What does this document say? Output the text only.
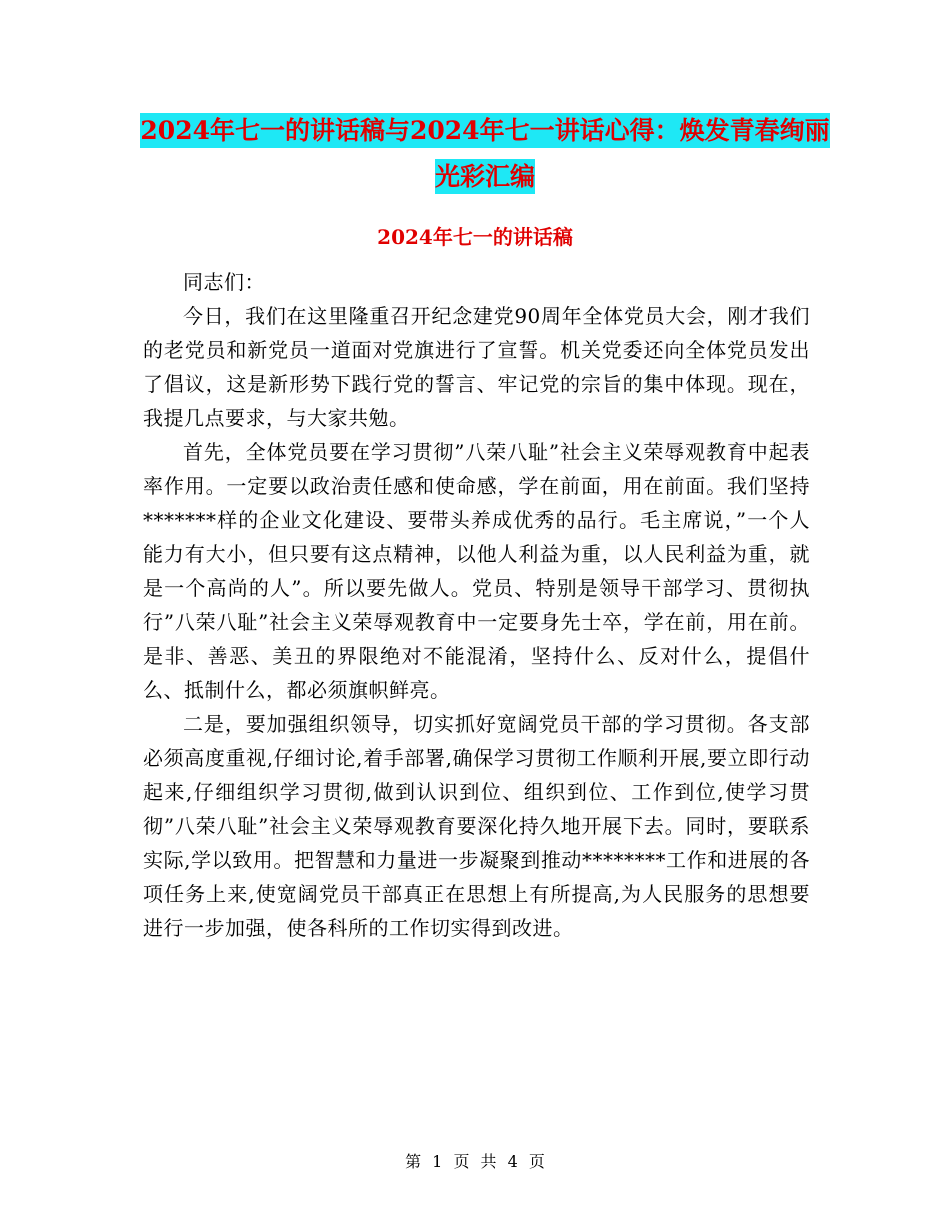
2024年七一的讲话稿与2024年七一讲话心得：焕发青春绚丽光彩汇编
2024年七一的讲话稿

同志们：

今日，我们在这里隆重召开纪念建党90周年全体党员大会，刚才我们的老党员和新党员一道面对党旗进行了宣誓。机关党委还向全体党员发出了倡议，这是新形势下践行党的誓言、牢记党的宗旨的集中体现。现在，我提几点要求，与大家共勉。

首先，全体党员要在学习贯彻”八荣八耻”社会主义荣辱观教育中起表率作用。一定要以政治责任感和使命感，学在前面，用在前面。我们坚持*******样的企业文化建设、要带头养成优秀的品行。毛主席说，”一个人能力有大小，但只要有这点精神，以他人利益为重，以人民利益为重，就是一个高尚的人”。所以要先做人。党员、特别是领导干部学习、贯彻执行”八荣八耻”社会主义荣辱观教育中一定要身先士卒，学在前，用在前。是非、善恶、美丑的界限绝对不能混淆，坚持什么、反对什么，提倡什么、抵制什么，都必须旗帜鲜亮。

二是，要加强组织领导，切实抓好宽阔党员干部的学习贯彻。各支部必须高度重视,仔细讨论,着手部署,确保学习贯彻工作顺利开展,要立即行动起来,仔细组织学习贯彻,做到认识到位、组织到位、工作到位,使学习贯彻”八荣八耻”社会主义荣辱观教育要深化持久地开展下去。同时，要联系实际,学以致用。把智慧和力量进一步凝聚到推动********工作和进展的各项任务上来,使宽阔党员干部真正在思想上有所提高,为人民服务的思想要进行一步加强，使各科所的工作切实得到改进。

第 1 页 共 4 页
